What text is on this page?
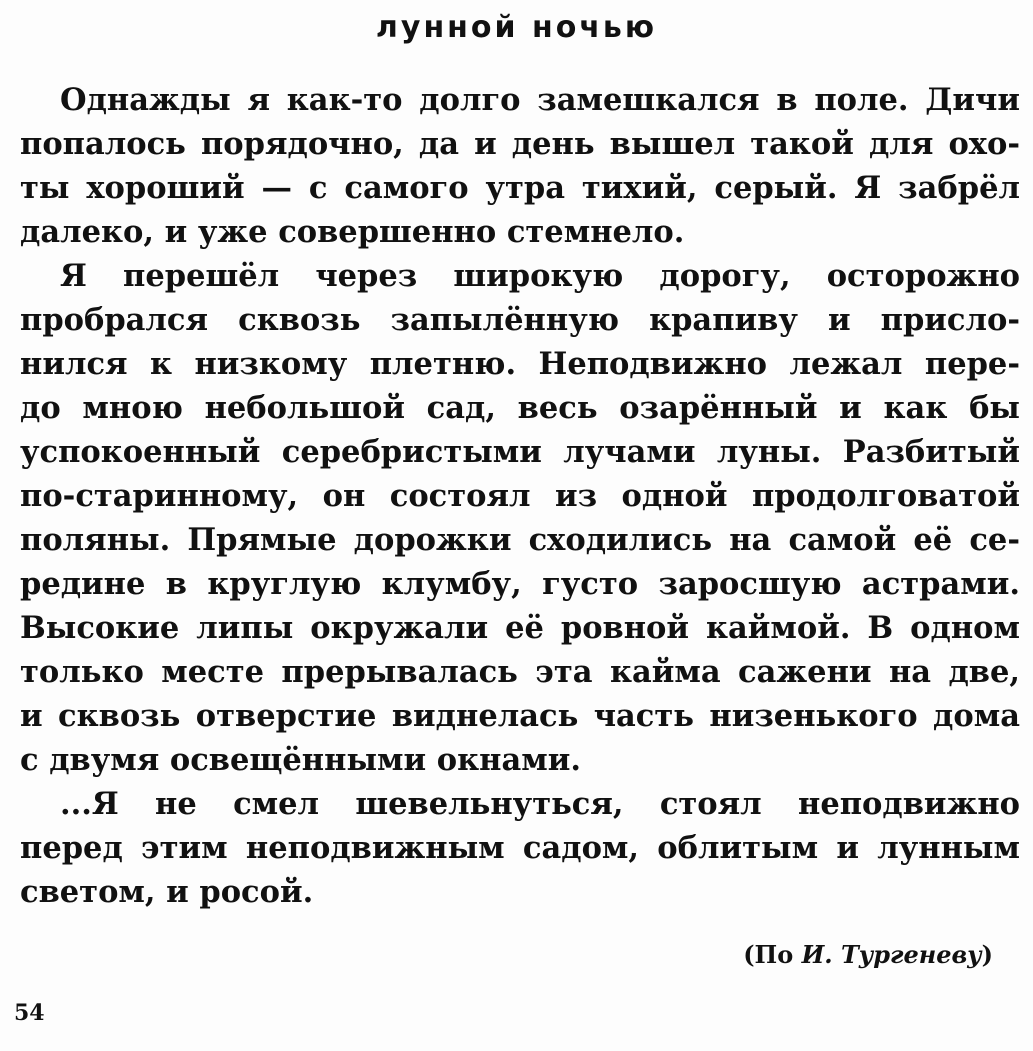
лунной ночью
Однажды я как-то долго замешкался в поле. Дичи
попалось порядочно, да и день вышел такой для охо-
ты хороший — с самого утра тихий, серый. Я забрёл
далеко, и уже совершенно стемнело.
Я перешёл через широкую дорогу, осторожно
пробрался сквозь запылённую крапиву и присло-
нился к низкому плетню. Неподвижно лежал пере-
до мною небольшой сад, весь озарённый и как бы
успокоенный серебристыми лучами луны. Разбитый
по-старинному, он состоял из одной продолговатой
поляны. Прямые дорожки сходились на самой её се-
редине в круглую клумбу, густо заросшую астрами.
Высокие липы окружали её ровной каймой. В одном
только месте прерывалась эта кайма сажени на две,
и сквозь отверстие виднелась часть низенького дома
с двумя освещёнными окнами.
...Я не смел шевельнуться, стоял неподвижно
перед этим неподвижным садом, облитым и лунным
светом, и росой.
(По И. Тургеневу)
54
